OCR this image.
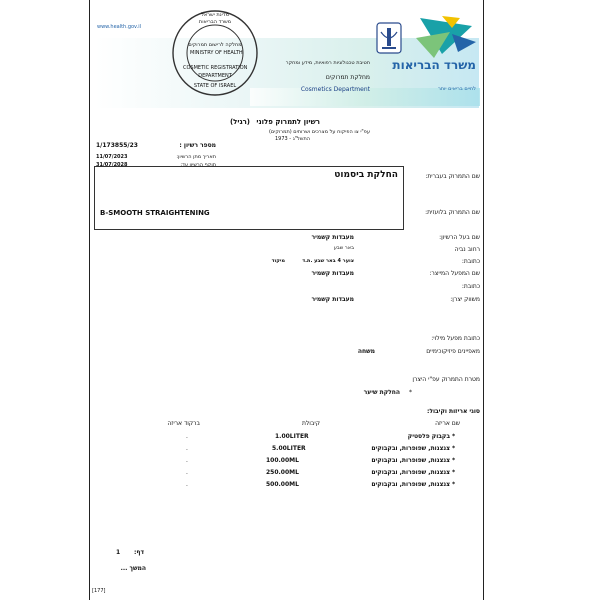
www.health.gov.il
מדינת ישראל
משרד הבריאות
מחלקה לרישום תמרוקים
MINISTRY OF HEALTH
COSMETIC REGISTRATION
DEPARTMENT
STATE OF ISRAEL
משרד הבריאות
לחיים בריאים יותר
חטיבת טכנולוגיות רפואיות, מידע ומחקר
מחלקת תמרוקים
Cosmetics Department
רשיון לתמרוק פלוני
(רגיל)
עפ"י צו הפיקוח על מצרכים ושרותים (תמרוקים)
התשל"ג - 1973
מספר רשיון :
1/173855/23
תאריך מתן הרשיון:
11/07/2023
תוקף הרשיון עד:
31/07/2028
החלקת ביסמוט
B-SMOOTH STRAIGHTENING
שם התמרוק בעברית:
שם התמרוק בלועזית:
שם בעל הרשיון:
מעבדות קשמיר
באר שבע	רחוב נביה
כתובת:
צוער 4 באר שבע .ת.ד
מיקוד
שם המפעל המייצר:
מעבדות קשמיר
כתובת:
משווק יצרן:
מעבדות קשמיר
כתובת מפעל מילוי:
מאפיינים פיזיקוכימיים
משחה
מטרת התמרוק עפ"י היצרן
*
החלקת שיער
סוגי אריזות וקיבול:
שם אריזה
קיבולת
ברקוד אריזה
*
בקבוק פלסטיק
1.00LITER
.
*
צנצנות, שפופרות, ובקבוקים
5.00LITER
.
*
צנצנות, שפופרות, ובקבוקים
100.00ML
.
*
צנצנות, שפופרות, ובקבוקים
250.00ML
.
*
צנצנות, שפופרות, ובקבוקים
500.00ML
.
דף:
1
המשך ...
[177]
